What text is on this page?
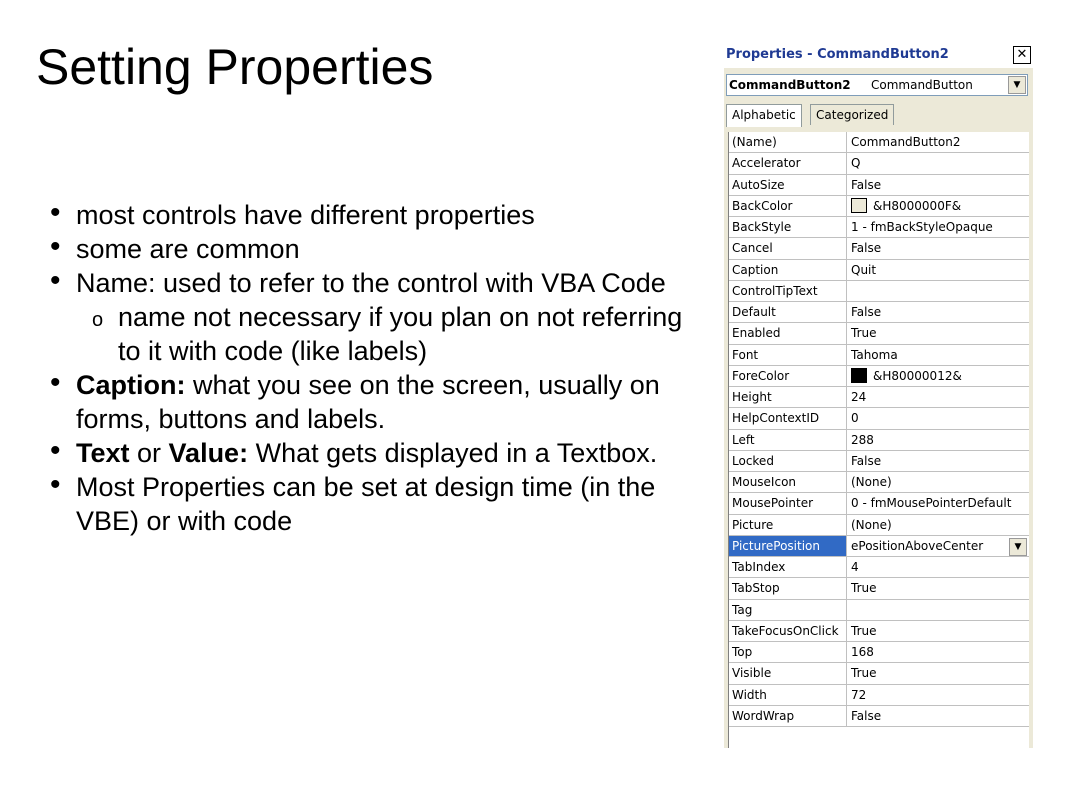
Setting Properties
• most controls have different properties
• some are common
• Name: used to refer to the control with VBA Code
o name not necessary if you plan on not referring to it with code (like labels)
• Caption: what you see on the screen, usually on forms, buttons and labels.
• Text or Value: What gets displayed in a Textbox.
• Most Properties can be set at design time (in the VBE) or with code
Properties - CommandButton2	✕
CommandButton2 CommandButton	▼
Alphabetic	Categorized
(Name)	CommandButton2
Accelerator	Q
AutoSize	False
BackColor	&H8000000F&
BackStyle	1 - fmBackStyleOpaque
Cancel	False
Caption	Quit
ControlTipText
Default	False
Enabled	True
Font	Tahoma
ForeColor	&H80000012&
Height	24
HelpContextID	0
Left	288
Locked	False
MouseIcon	(None)
MousePointer	0 - fmMousePointerDefault
Picture	(None)
PicturePosition	ePositionAboveCenter	▼
TabIndex	4
TabStop	True
Tag
TakeFocusOnClick	True
Top	168
Visible	True
Width	72
WordWrap	False
